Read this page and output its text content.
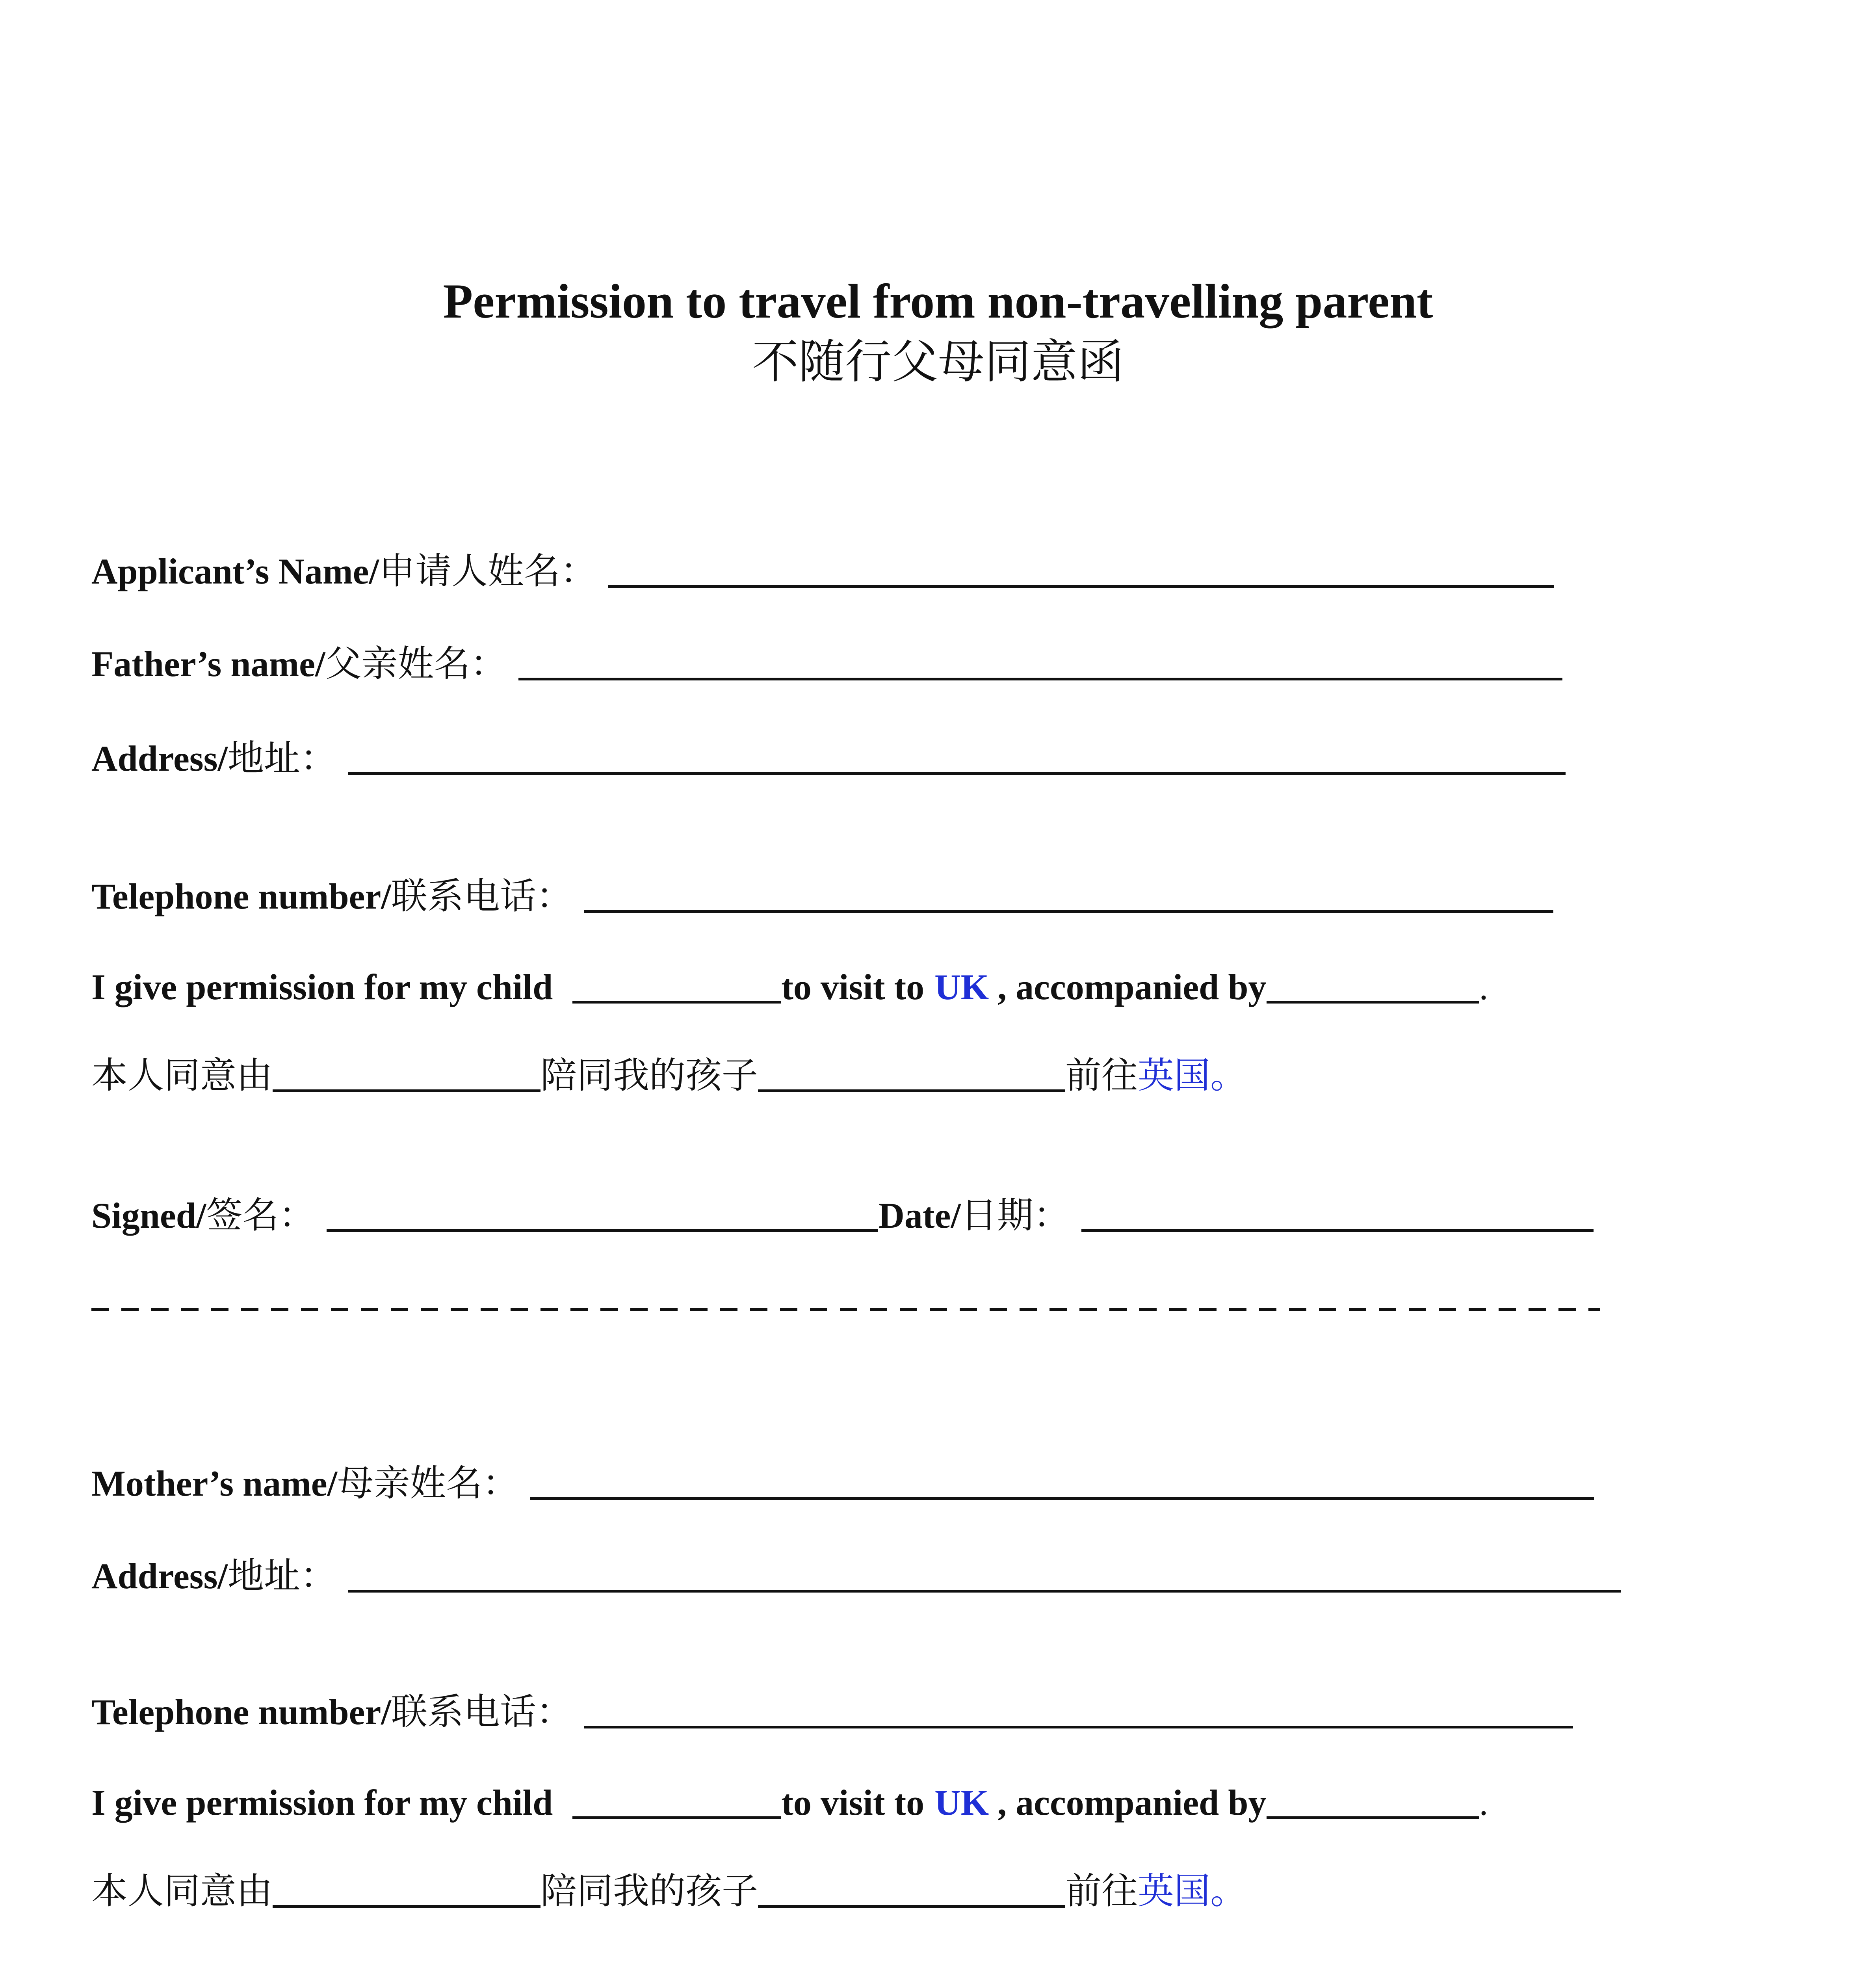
Permission to travel from non-travelling parent
不随行父母同意函
Applicant’s Name/ 申请人姓名：
Father’s name/ 父亲姓名：
Address/ 地址：
Telephone number/ 联系电话：
I give permission for my child	to visit to UK , accompanied by	.
本人同意由	陪同我的孩子	前往 英国。
Signed/ 签名：	Date/ 日期：
Mother’s name/ 母亲姓名：
Address/ 地址：
Telephone number/ 联系电话：
I give permission for my child	to visit to UK , accompanied by	.
本人同意由	陪同我的孩子	前往 英国。
